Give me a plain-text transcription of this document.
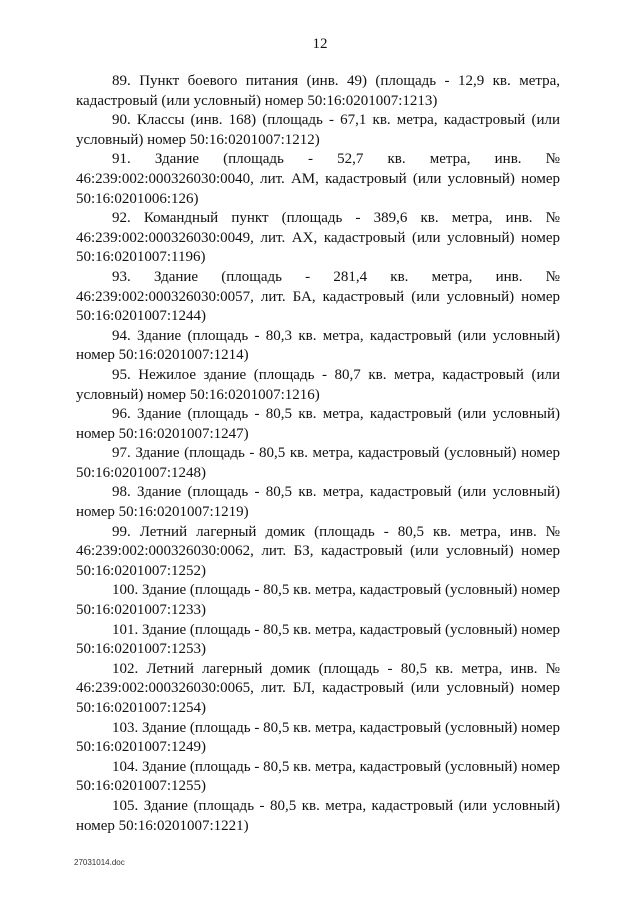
12

89. Пункт боевого питания (инв. 49) (площадь - 12,9 кв. метра, кадастровый (или условный) номер 50:16:0201007:1213)

90. Классы (инв. 168) (площадь - 67,1 кв. метра, кадастровый (или условный) номер 50:16:0201007:1212)

91. Здание (площадь - 52,7 кв. метра, инв. № 46:239:002:000326030:0040, лит. АМ, кадастровый (или условный) номер 50:16:0201006:126)

92. Командный пункт (площадь - 389,6 кв. метра, инв. № 46:239:002:000326030:0049, лит. АХ, кадастровый (или условный) номер 50:16:0201007:1196)

93. Здание (площадь - 281,4 кв. метра, инв. № 46:239:002:000326030:0057, лит. БА, кадастровый (или условный) номер 50:16:0201007:1244)

94. Здание (площадь - 80,3 кв. метра, кадастровый (или условный) номер 50:16:0201007:1214)

95. Нежилое здание (площадь - 80,7 кв. метра, кадастровый (или условный) номер 50:16:0201007:1216)

96. Здание (площадь - 80,5 кв. метра, кадастровый (или условный) номер 50:16:0201007:1247)

97. Здание (площадь - 80,5 кв. метра, кадастровый (условный) номер 50:16:0201007:1248)

98. Здание (площадь - 80,5 кв. метра, кадастровый (или условный) номер 50:16:0201007:1219)

99. Летний лагерный домик (площадь - 80,5 кв. метра, инв. № 46:239:002:000326030:0062, лит. БЗ, кадастровый (или условный) номер 50:16:0201007:1252)

100. Здание (площадь - 80,5 кв. метра, кадастровый (условный) номер 50:16:0201007:1233)

101. Здание (площадь - 80,5 кв. метра, кадастровый (условный) номер 50:16:0201007:1253)

102. Летний лагерный домик (площадь - 80,5 кв. метра, инв. № 46:239:002:000326030:0065, лит. БЛ, кадастровый (или условный) номер 50:16:0201007:1254)

103. Здание (площадь - 80,5 кв. метра, кадастровый (условный) номер 50:16:0201007:1249)

104. Здание (площадь - 80,5 кв. метра, кадастровый (условный) номер 50:16:0201007:1255)

105. Здание (площадь - 80,5 кв. метра, кадастровый (или условный) номер 50:16:0201007:1221)

27031014.doc
